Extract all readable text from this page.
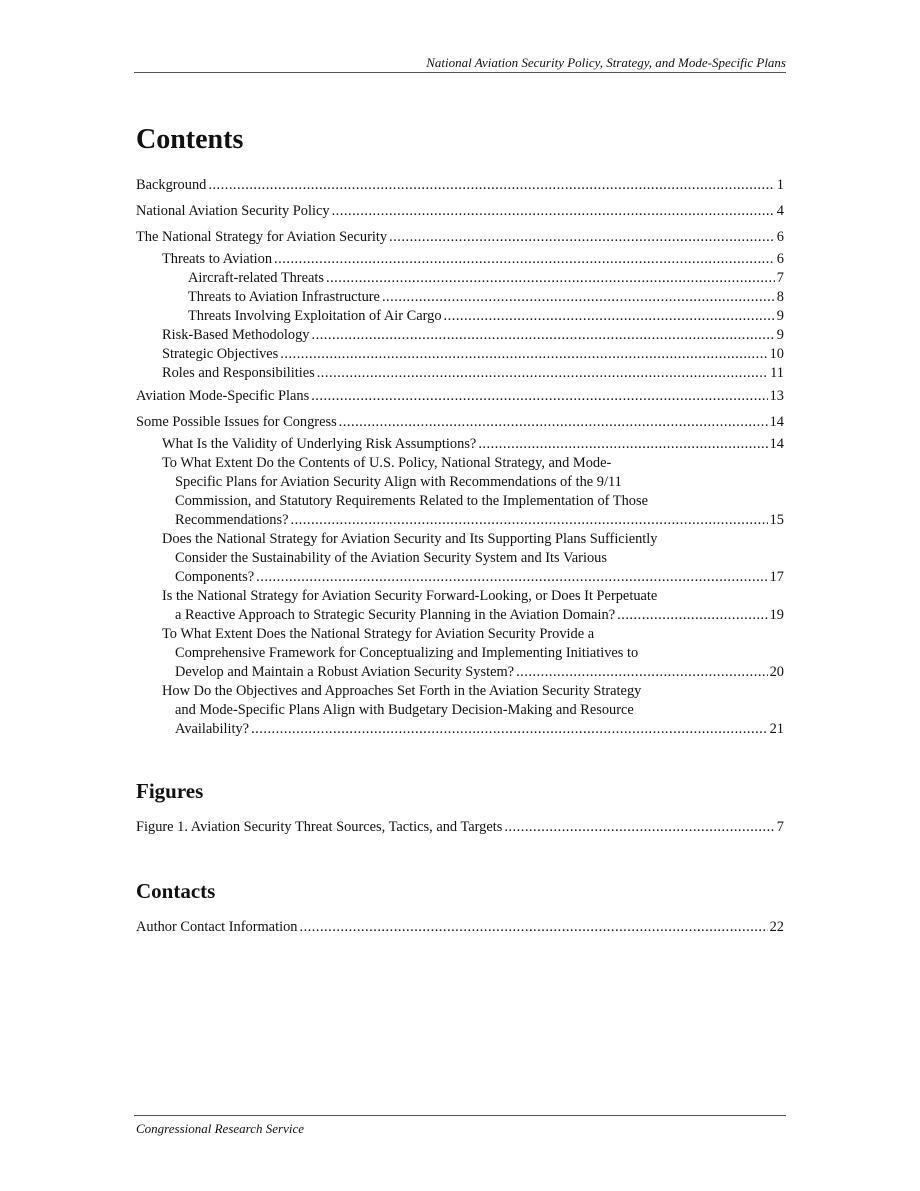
National Aviation Security Policy, Strategy, and Mode-Specific Plans
Contents
Background .....	1
National Aviation Security Policy .....	4
The National Strategy for Aviation Security .....	6
Threats to Aviation .....	6
Aircraft-related Threats .....	7
Threats to Aviation Infrastructure .....	8
Threats Involving Exploitation of Air Cargo .....	9
Risk-Based Methodology .....	9
Strategic Objectives .....	10
Roles and Responsibilities .....	11
Aviation Mode-Specific Plans .....	13
Some Possible Issues for Congress .....	14
What Is the Validity of Underlying Risk Assumptions? .....	14
To What Extent Do the Contents of U.S. Policy, National Strategy, and Mode-
Specific Plans for Aviation Security Align with Recommendations of the 9/11
Commission, and Statutory Requirements Related to the Implementation of Those
Recommendations? .....	15
Does the National Strategy for Aviation Security and Its Supporting Plans Sufficiently
Consider the Sustainability of the Aviation Security System and Its Various
Components? .....	17
Is the National Strategy for Aviation Security Forward-Looking, or Does It Perpetuate
a Reactive Approach to Strategic Security Planning in the Aviation Domain? .....	19
To What Extent Does the National Strategy for Aviation Security Provide a
Comprehensive Framework for Conceptualizing and Implementing Initiatives to
Develop and Maintain a Robust Aviation Security System? .....	20
How Do the Objectives and Approaches Set Forth in the Aviation Security Strategy
and Mode-Specific Plans Align with Budgetary Decision-Making and Resource
Availability? .....	21
Figures
Figure 1. Aviation Security Threat Sources, Tactics, and Targets .....	7
Contacts
Author Contact Information .....	22
Congressional Research Service
